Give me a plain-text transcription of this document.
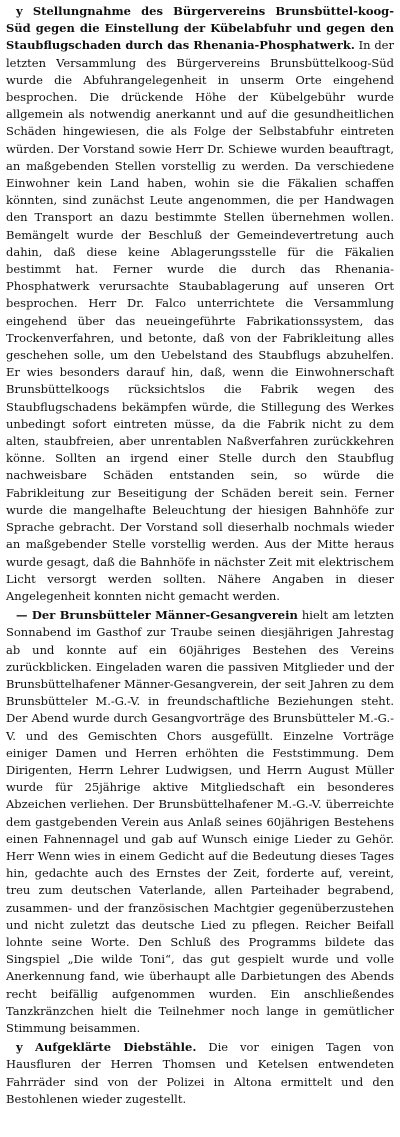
y Stellungnahme des Bürgervereins Brunsbüttel-koog-Süd gegen die Einstellung der Kübelabfuhr und gegen den Staubflugschaden durch das Rhenania-Phosphatwerk. In der letzten Versammlung des Bürgervereins Brunsbüttelkoog-Süd wurde die Abfuhrangelegenheit in unserm Orte eingehend besprochen. Die drückende Höhe der Kübelgebühr wurde allgemein als notwendig anerkannt und auf die gesundheitlichen Schäden hingewiesen, die als Folge der Selbstabfuhr eintreten würden. Der Vorstand sowie Herr Dr. Schiewe wurden beauftragt, an maßgebenden Stellen vorstellig zu werden. Da verschiedene Einwohner kein Land haben, wohin sie die Fäkalien schaffen könnten, sind zunächst Leute angenommen, die per Handwagen den Transport an dazu bestimmte Stellen übernehmen wollen. Bemängelt wurde der Beschluß der Gemeindevertretung auch dahin, daß diese keine Ablagerungsstelle für die Fäkalien bestimmt hat. Ferner wurde die durch das Rhenania-Phosphatwerk verursachte Staubablagerung auf unseren Ort besprochen. Herr Dr. Falco unterrichtete die Versammlung eingehend über das neueingeführte Fabrikationssystem, das Trockenverfahren, und betonte, daß von der Fabrikleitung alles geschehen solle, um den Uebelstand des Staubflugs abzuhelfen. Er wies besonders darauf hin, daß, wenn die Einwohnerschaft Brunsbüttelkoogs rücksichtslos die Fabrik wegen des Staubflugschadens bekämpfen würde, die Stillegung des Werkes unbedingt sofort eintreten müsse, da die Fabrik nicht zu dem alten, staubfreien, aber unrentablen Naßverfahren zurückkehren könne. Sollten an irgend einer Stelle durch den Staubflug nachweisbare Schäden entstanden sein, so würde die Fabrikleitung zur Beseitigung der Schäden bereit sein. Ferner wurde die mangelhafte Beleuchtung der hiesigen Bahnhöfe zur Sprache gebracht. Der Vorstand soll dieserhalb nochmals wieder an maßgebender Stelle vorstellig werden. Aus der Mitte heraus wurde gesagt, daß die Bahnhöfe in nächster Zeit mit elektrischem Licht versorgt werden sollten. Nähere Angaben in dieser Angelegenheit konnten nicht gemacht werden.

— Der Brunsbütteler Männer-Gesangverein hielt am letzten Sonnabend im Gasthof zur Traube seinen diesjährigen Jahrestag ab und konnte auf ein 60jähriges Bestehen des Vereins zurückblicken. Eingeladen waren die passiven Mitglieder und der Brunsbüttelhafener Männer-Gesangverein, der seit Jahren zu dem Brunsbütteler M.-G.-V. in freundschaftliche Beziehungen steht. Der Abend wurde durch Gesangvorträge des Brunsbütteler M.-G.-V. und des Gemischten Chors ausgefüllt. Einzelne Vorträge einiger Damen und Herren erhöhten die Feststimmung. Dem Dirigenten, Herrn Lehrer Ludwigsen, und Herrn August Müller wurde für 25jährige aktive Mitgliedschaft ein besonderes Abzeichen verliehen. Der Brunsbüttelhafener M.-G.-V. überreichte dem gastgebenden Verein aus Anlaß seines 60jährigen Bestehens einen Fahnennagel und gab auf Wunsch einige Lieder zu Gehör. Herr Wenn wies in einem Gedicht auf die Bedeutung dieses Tages hin, gedachte auch des Ernstes der Zeit, forderte auf, vereint, treu zum deutschen Vaterlande, allen Parteihader begrabend, zusammen- und der französischen Machtgier gegenüberzustehen und nicht zuletzt das deutsche Lied zu pflegen. Reicher Beifall lohnte seine Worte. Den Schluß des Programms bildete das Singspiel „Die wilde Toni“, das gut gespielt wurde und volle Anerkennung fand, wie überhaupt alle Darbietungen des Abends recht beifällig aufgenommen wurden. Ein anschließendes Tanzkränzchen hielt die Teilnehmer noch lange in gemütlicher Stimmung beisammen.

y Aufgeklärte Diebstähle. Die vor einigen Tagen von Hausfluren der Herren Thomsen und Ketelsen entwendeten Fahrräder sind von der Polizei in Altona ermittelt und den Bestohlenen wieder zugestellt.
